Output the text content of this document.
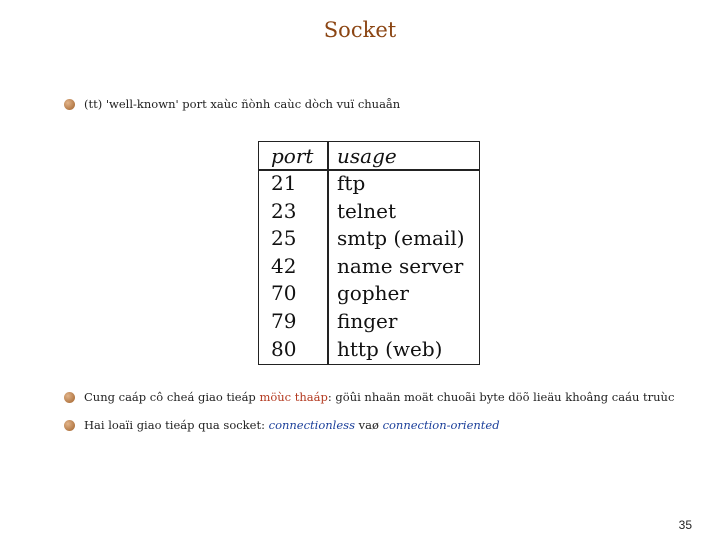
Socket
(tt) 'well-known' port xaùc ñònh caùc dòch vuï chuaån
port usage
21 ftp
23 telnet
25 smtp (email)
42 name server
70 gopher
79 finger
80 http (web)
Cung caáp cô cheá giao tieáp möùc thaáp: göûi nhaän moät chuoãi byte döõ lieäu khoâng caáu truùc
Hai loaïi giao tieáp qua socket: connectionless vaø connection-oriented
35
